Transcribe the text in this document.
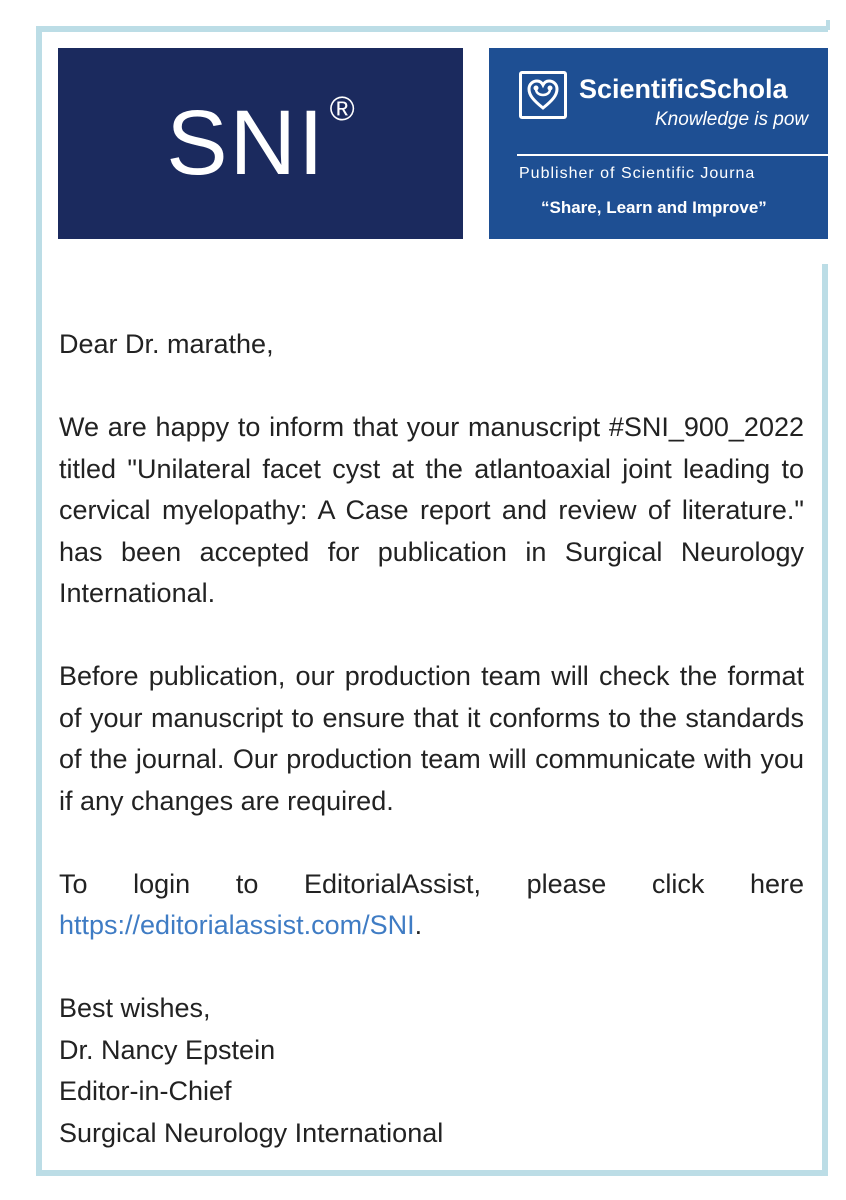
SNI ®
ScientificSchola
Knowledge is pow
Publisher of Scientific Journa
“Share, Learn and Improve”

Dear Dr. marathe,

We are happy to inform that your manuscript #SNI_900_2022 titled "Unilateral facet cyst at the atlantoaxial joint leading to cervical myelopathy: A Case report and review of literature." has been accepted for publication in Surgical Neurology International.

Before publication, our production team will check the format of your manuscript to ensure that it conforms to the standards of the journal. Our production team will communicate with you if any changes are required.

To login to EditorialAssist, please click here https://editorialassist.com/SNI.

Best wishes,

Dr. Nancy Epstein

Editor-in-Chief

Surgical Neurology International
